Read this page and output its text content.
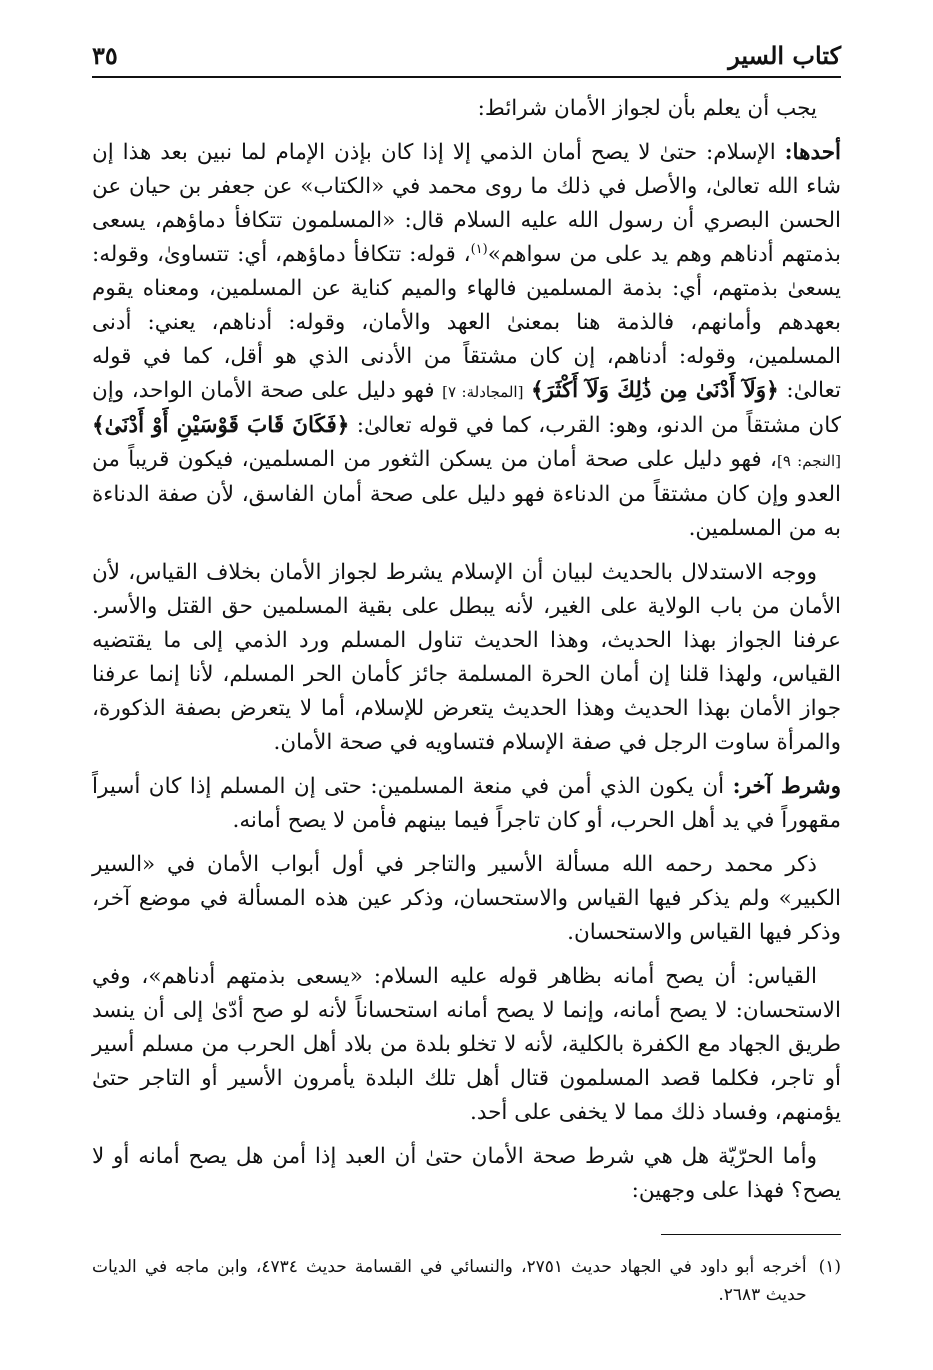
٣٥	كتاب السير

يجب أن يعلم بأن لجواز الأمان شرائط:

أحدها: الإسلام: حتىٰ لا يصح أمان الذمي إلا إذا كان بإذن الإمام لما نبين بعد هذا إن شاء الله تعالىٰ، والأصل في ذلك ما روى محمد في «الكتاب» عن جعفر بن حيان عن الحسن البصري أن رسول الله عليه السلام قال: «المسلمون تتكافأ دماؤهم، يسعى بذمتهم أدناهم وهم يد على من سواهم»$^{(١)}$، قوله: تتكافأ دماؤهم، أي: تتساوىٰ، وقوله: يسعىٰ بذمتهم، أي: بذمة المسلمين فالهاء والميم كناية عن المسلمين، ومعناه يقوم بعهدهم وأمانهم، فالذمة هنا بمعنىٰ العهد والأمان، وقوله: أدناهم، يعني: أدنى المسلمين، وقوله: أدناهم، إن كان مشتقاً من الأدنى الذي هو أقل، كما في قوله تعالىٰ: ﴿وَلَآ أَدْنَىٰ مِن ذَٰلِكَ وَلَآ أَكْثَرَ﴾ [المجادلة: ٧] فهو دليل على صحة الأمان الواحد، وإن كان مشتقاً من الدنو، وهو: القرب، كما في قوله تعالىٰ: ﴿فَكَانَ قَابَ قَوْسَيْنِ أَوْ أَدْنَىٰ﴾ [النجم: ٩]، فهو دليل على صحة أمان من يسكن الثغور من المسلمين، فيكون قريباً من العدو وإن كان مشتقاً من الدناءة فهو دليل على صحة أمان الفاسق، لأن صفة الدناءة به من المسلمين.

ووجه الاستدلال بالحديث لبيان أن الإسلام يشرط لجواز الأمان بخلاف القياس، لأن الأمان من باب الولاية على الغير، لأنه يبطل على بقية المسلمين حق القتل والأسر. عرفنا الجواز بهذا الحديث، وهذا الحديث تناول المسلم ورد الذمي إلى ما يقتضيه القياس، ولهذا قلنا إن أمان الحرة المسلمة جائز كأمان الحر المسلم، لأنا إنما عرفنا جواز الأمان بهذا الحديث وهذا الحديث يتعرض للإسلام، أما لا يتعرض بصفة الذكورة، والمرأة ساوت الرجل في صفة الإسلام فتساويه في صحة الأمان.

وشرط آخر: أن يكون الذي أمن في منعة المسلمين: حتى إن المسلم إذا كان أسيراً مقهوراً في يد أهل الحرب، أو كان تاجراً فيما بينهم فأمن لا يصح أمانه.

ذكر محمد رحمه الله مسألة الأسير والتاجر في أول أبواب الأمان في «السير الكبير» ولم يذكر فيها القياس والاستحسان، وذكر عين هذه المسألة في موضع آخر، وذكر فيها القياس والاستحسان.

القياس: أن يصح أمانه بظاهر قوله عليه السلام: «يسعى بذمتهم أدناهم»، وفي الاستحسان: لا يصح أمانه، وإنما لا يصح أمانه استحساناً لأنه لو صح أدّىٰ إلى أن ينسد طريق الجهاد مع الكفرة بالكلية، لأنه لا تخلو بلدة من بلاد أهل الحرب من مسلم أسير أو تاجر، فكلما قصد المسلمون قتال أهل تلك البلدة يأمرون الأسير أو التاجر حتىٰ يؤمنهم، وفساد ذلك مما لا يخفى على أحد.

وأما الحرّيّة هل هي شرط صحة الأمان حتىٰ أن العبد إذا أمن هل يصح أمانه أو لا يصح؟ فهذا على وجهين:

(١)
أخرجه أبو داود في الجهاد حديث ٢٧٥١، والنسائي في القسامة حديث ٤٧٣٤، وابن ماجه في الديات حديث ٢٦٨٣.
